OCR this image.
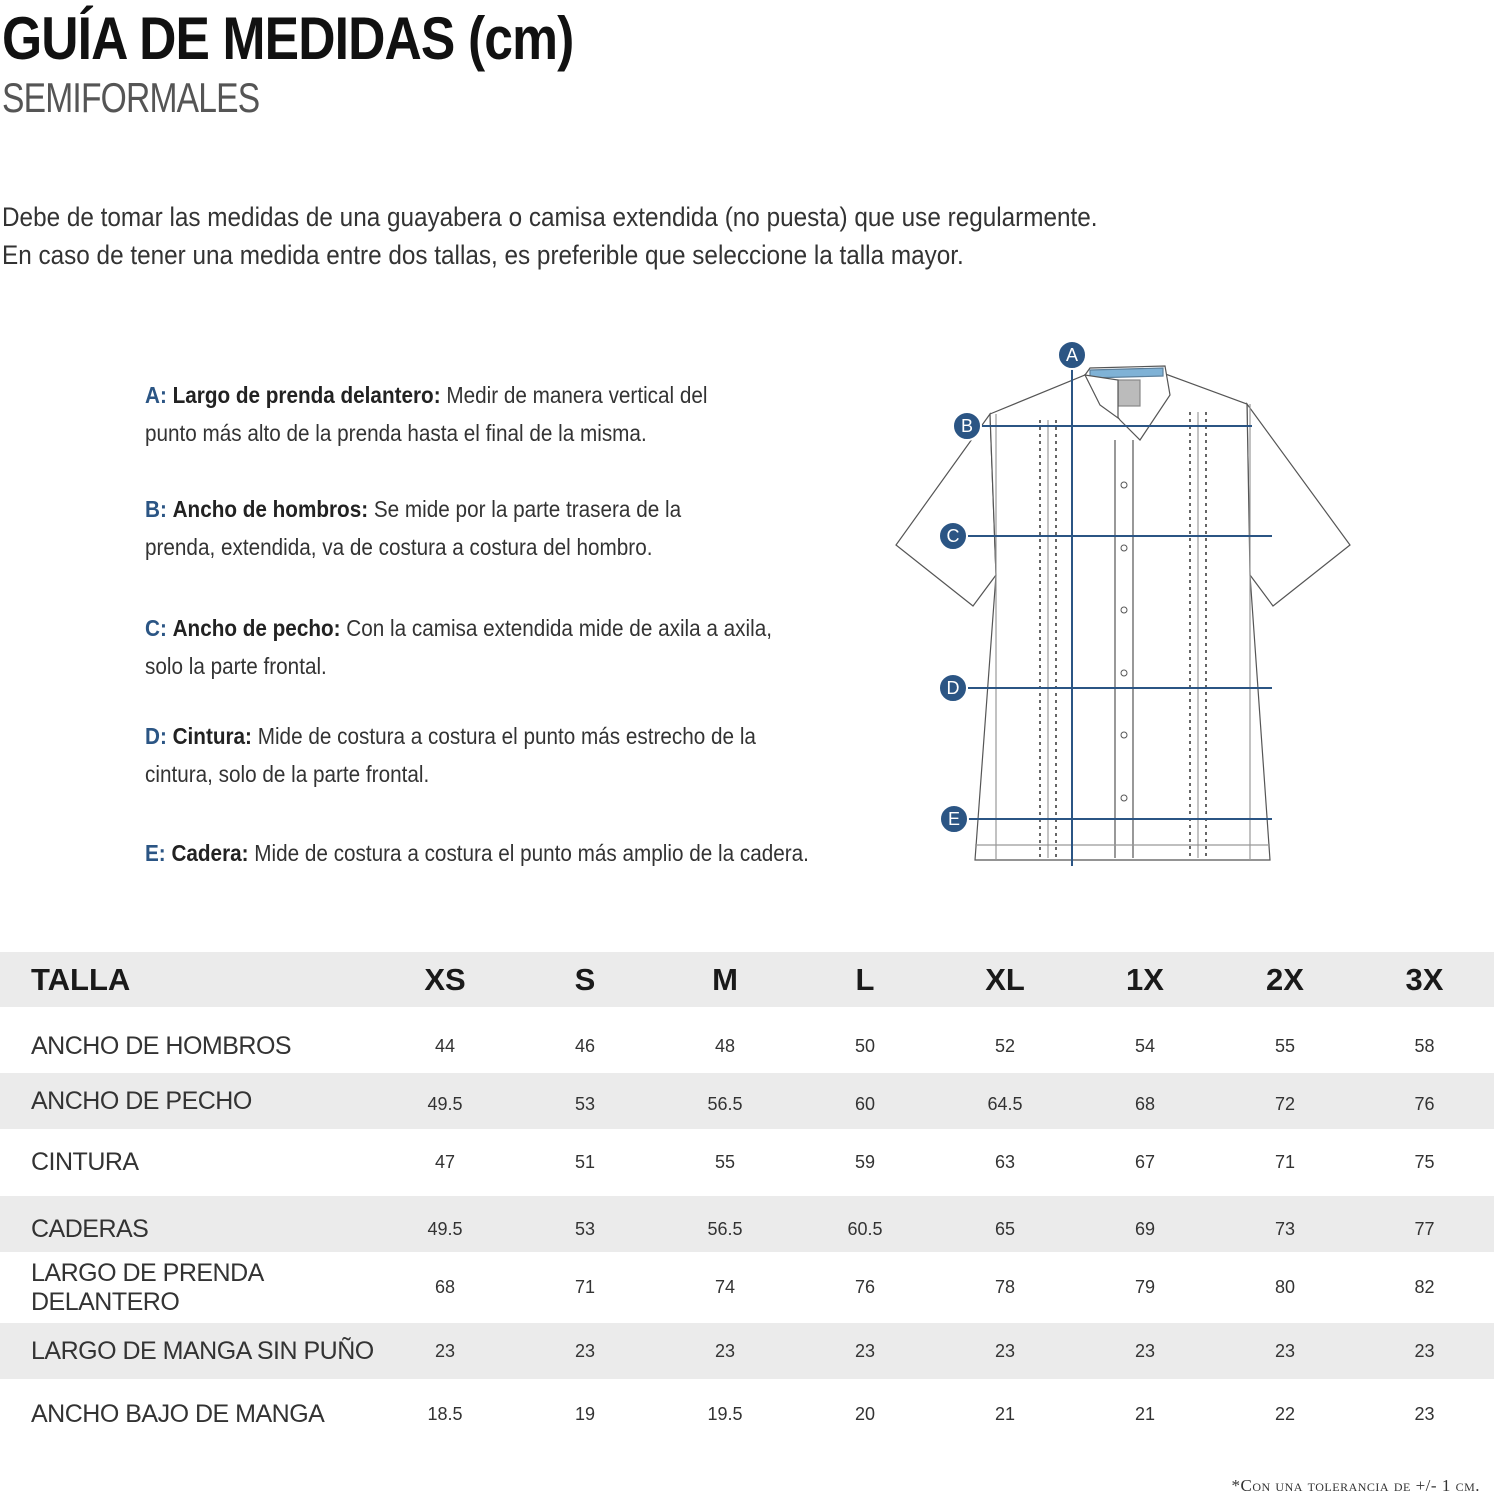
GUÍA DE MEDIDAS (cm)
SEMIFORMALES
Debe de tomar las medidas de una guayabera o camisa extendida (no puesta) que use regularmente.
En caso de tener una medida entre dos tallas, es preferible que seleccione la talla mayor.
A: Largo de prenda delantero: Medir de manera vertical del
punto más alto de la prenda hasta el final de la misma.
B: Ancho de hombros: Se mide por la parte trasera de la
prenda, extendida, va de costura a costura del hombro.
C: Ancho de pecho: Con la camisa extendida mide de axila a axila,
solo la parte frontal.
D: Cintura: Mide de costura a costura el punto más estrecho de la
cintura, solo de la parte frontal.
E: Cadera: Mide de costura a costura el punto más amplio de la cadera.
A
B
C
D
E
TALLA	XS	S	M	L	XL	1X	2X	3X
ANCHO DE HOMBROS	44	46	48	50	52	54	55	58
ANCHO DE PECHO	49.5	53	56.5	60	64.5	68	72	76
CINTURA	47	51	55	59	63	67	71	75
CADERAS	49.5	53	56.5	60.5	65	69	73	77
LARGO DE PRENDA DELANTERO	68	71	74	76	78	79	80	82
LARGO DE MANGA SIN PUÑO	23	23	23	23	23	23	23	23
ANCHO BAJO DE MANGA	18.5	19	19.5	20	21	21	22	23
*Con una tolerancia de +/- 1 cm.
